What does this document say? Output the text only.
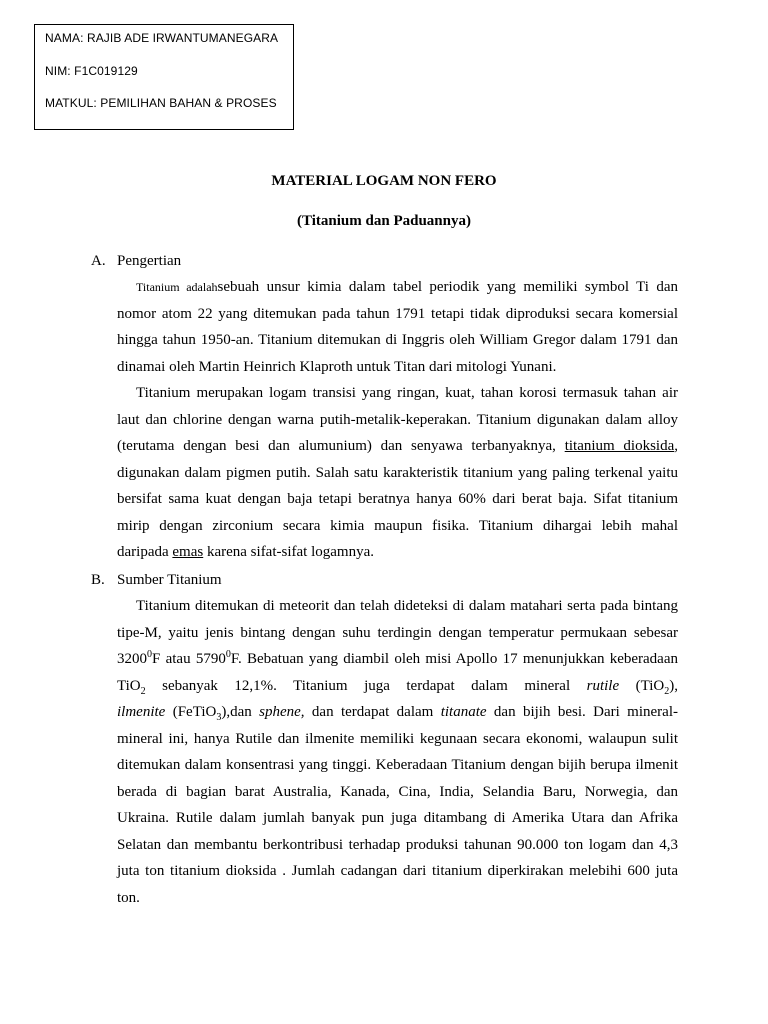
NAMA: RAJIB ADE IRWANTUMANEGARA
NIM: F1C019129
MATKUL: PEMILIHAN BAHAN & PROSES
MATERIAL LOGAM NON FERO
(Titanium dan Paduannya)
A. Pengertian
Titanium adalahsebuah unsur kimia dalam tabel periodik yang memiliki symbol Ti dan
nomor atom 22 yang ditemukan pada tahun 1791 tetapi tidak diproduksi secara komersial
hingga tahun 1950-an. Titanium ditemukan di Inggris oleh William Gregor dalam 1791 dan
dinamai oleh Martin Heinrich Klaproth untuk Titan dari mitologi Yunani.
Titanium merupakan logam transisi yang ringan, kuat, tahan korosi termasuk tahan air
laut dan chlorine dengan warna putih-metalik-keperakan. Titanium digunakan dalam alloy
(terutama dengan besi dan alumunium) dan senyawa terbanyaknya, titanium dioksida,
digunakan dalam pigmen putih. Salah satu karakteristik titanium yang paling terkenal yaitu
bersifat sama kuat dengan baja tetapi beratnya hanya 60% dari berat baja. Sifat titanium
mirip dengan zirconium secara kimia maupun fisika. Titanium dihargai lebih mahal
daripada emas karena sifat-sifat logamnya.
B. Sumber Titanium
Titanium ditemukan di meteorit dan telah dideteksi di dalam matahari serta pada bintang
tipe-M, yaitu jenis bintang dengan suhu terdingin dengan temperatur permukaan sebesar
3200$^0$F atau 5790$^0$F. Bebatuan yang diambil oleh misi Apollo 17 menunjukkan keberadaan
TiO$_2$ sebanyak 12,1%. Titanium juga terdapat dalam mineral rutile (TiO$_2$),
ilmenite (FeTiO$_3$),dan sphene, dan terdapat dalam titanate dan bijih besi. Dari mineral-
mineral ini, hanya Rutile dan ilmenite memiliki kegunaan secara ekonomi, walaupun sulit
ditemukan dalam konsentrasi yang tinggi. Keberadaan Titanium dengan bijih berupa ilmenit
berada di bagian barat Australia, Kanada, Cina, India, Selandia Baru, Norwegia, dan
Ukraina. Rutile dalam jumlah banyak pun juga ditambang di Amerika Utara dan Afrika
Selatan dan membantu berkontribusi terhadap produksi tahunan 90.000 ton logam dan 4,3
juta ton titanium dioksida . Jumlah cadangan dari titanium diperkirakan melebihi 600 juta
ton.
